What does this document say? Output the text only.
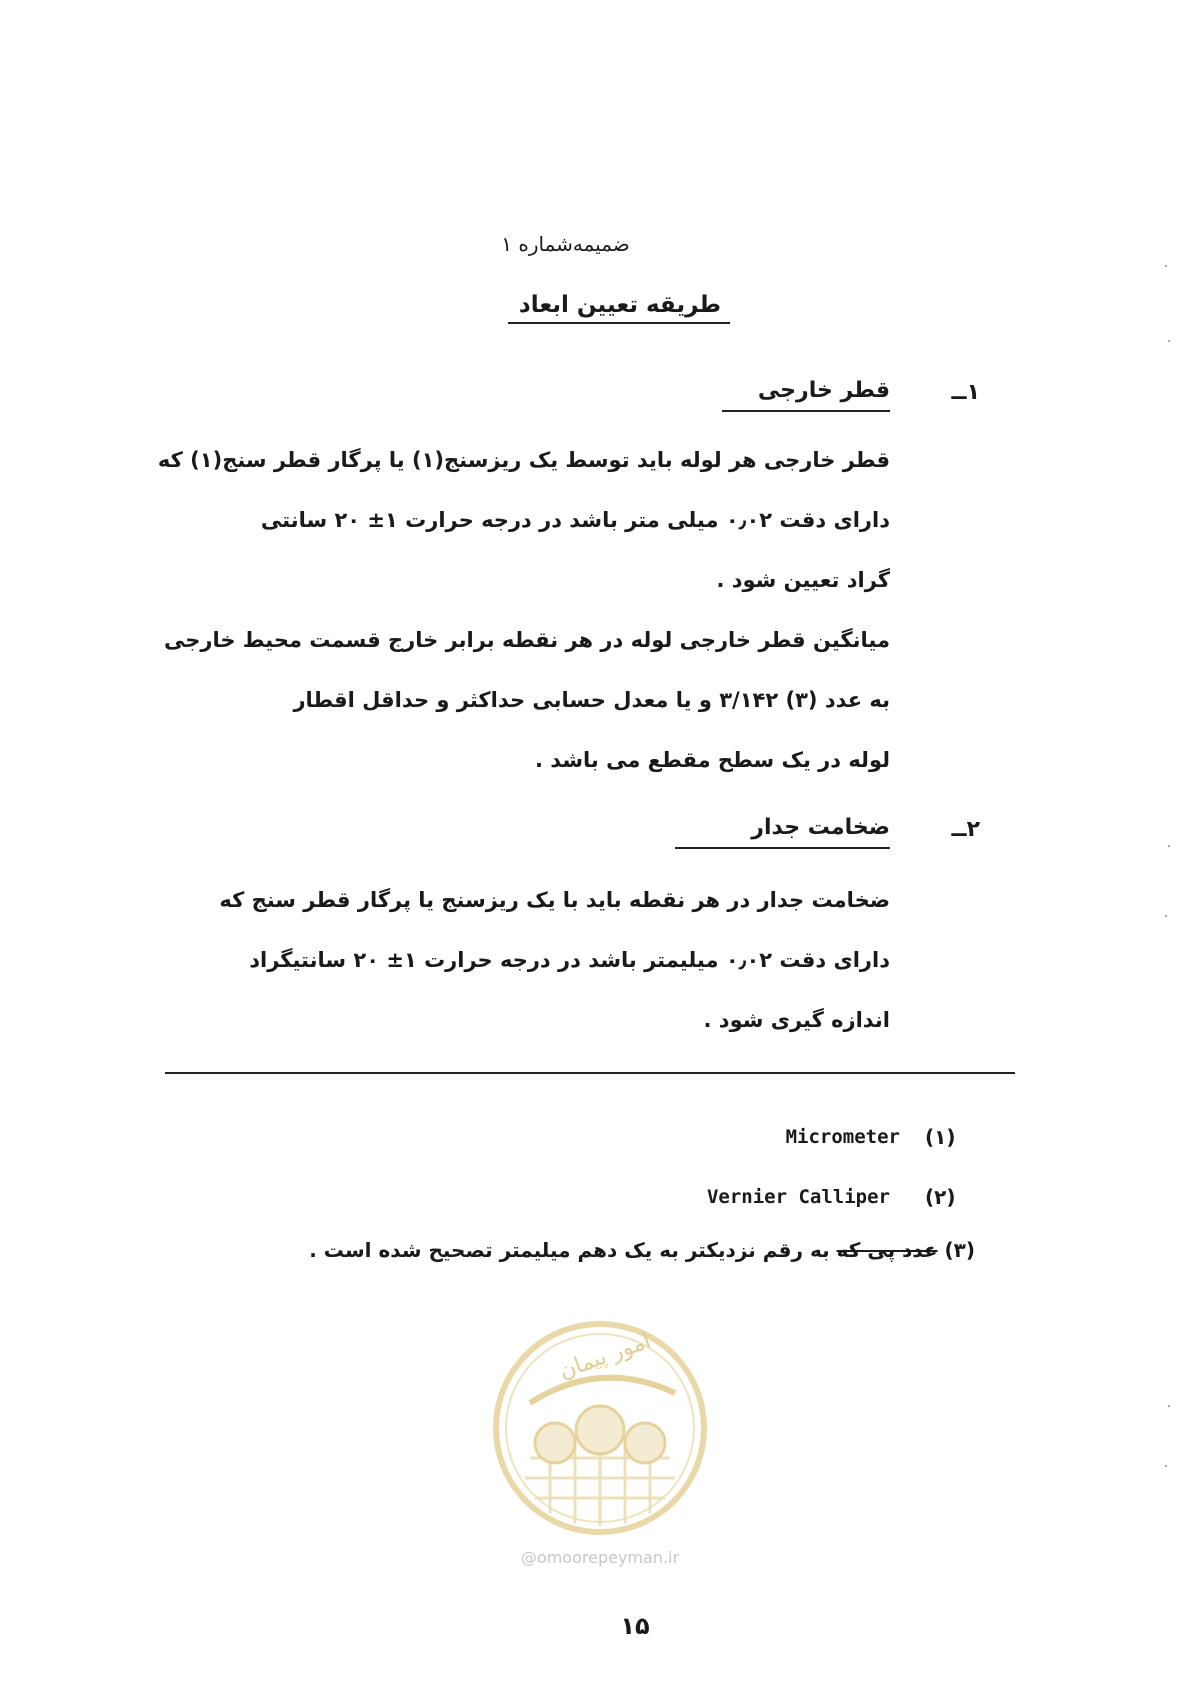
ضمیمه‌شماره ۱
طریقه تعیین ابعاد
۱ــ
قطر خارجی
قطر خارجی هر لوله باید توسط یک ریزسنج(۱) یا پرگار قطر سنج(۱) که
دارای دقت ۰٫۰۲ میلی متر باشد در درجه حرارت ۱± ۲۰ سانتی
گراد تعیین شود .
میانگین قطر خارجی لوله در هر نقطه برابر خارج قسمت محیط خارجی
به عدد (۳) ۳/۱۴۲ و یا معدل حسابی حداکثر و حداقل اقطار
لوله در یک سطح مقطع می باشد .
۲ــ
ضخامت جدار
ضخامت جدار در هر نقطه باید با یک ریزسنج یا پرگار قطر سنج که
دارای دقت ۰٫۰۲ میلیمتر باشد در درجه حرارت ۱± ۲۰ سانتیگراد
اندازه گیری شود .
(۱)
Micrometer
(۲)
Vernier Calliper
(۳) عدد پی که به رقم نزدیکتر به یک دهم میلیمتر تصحیح شده است .
امور پیمان
@omoorepeyman.ir
۱۵
